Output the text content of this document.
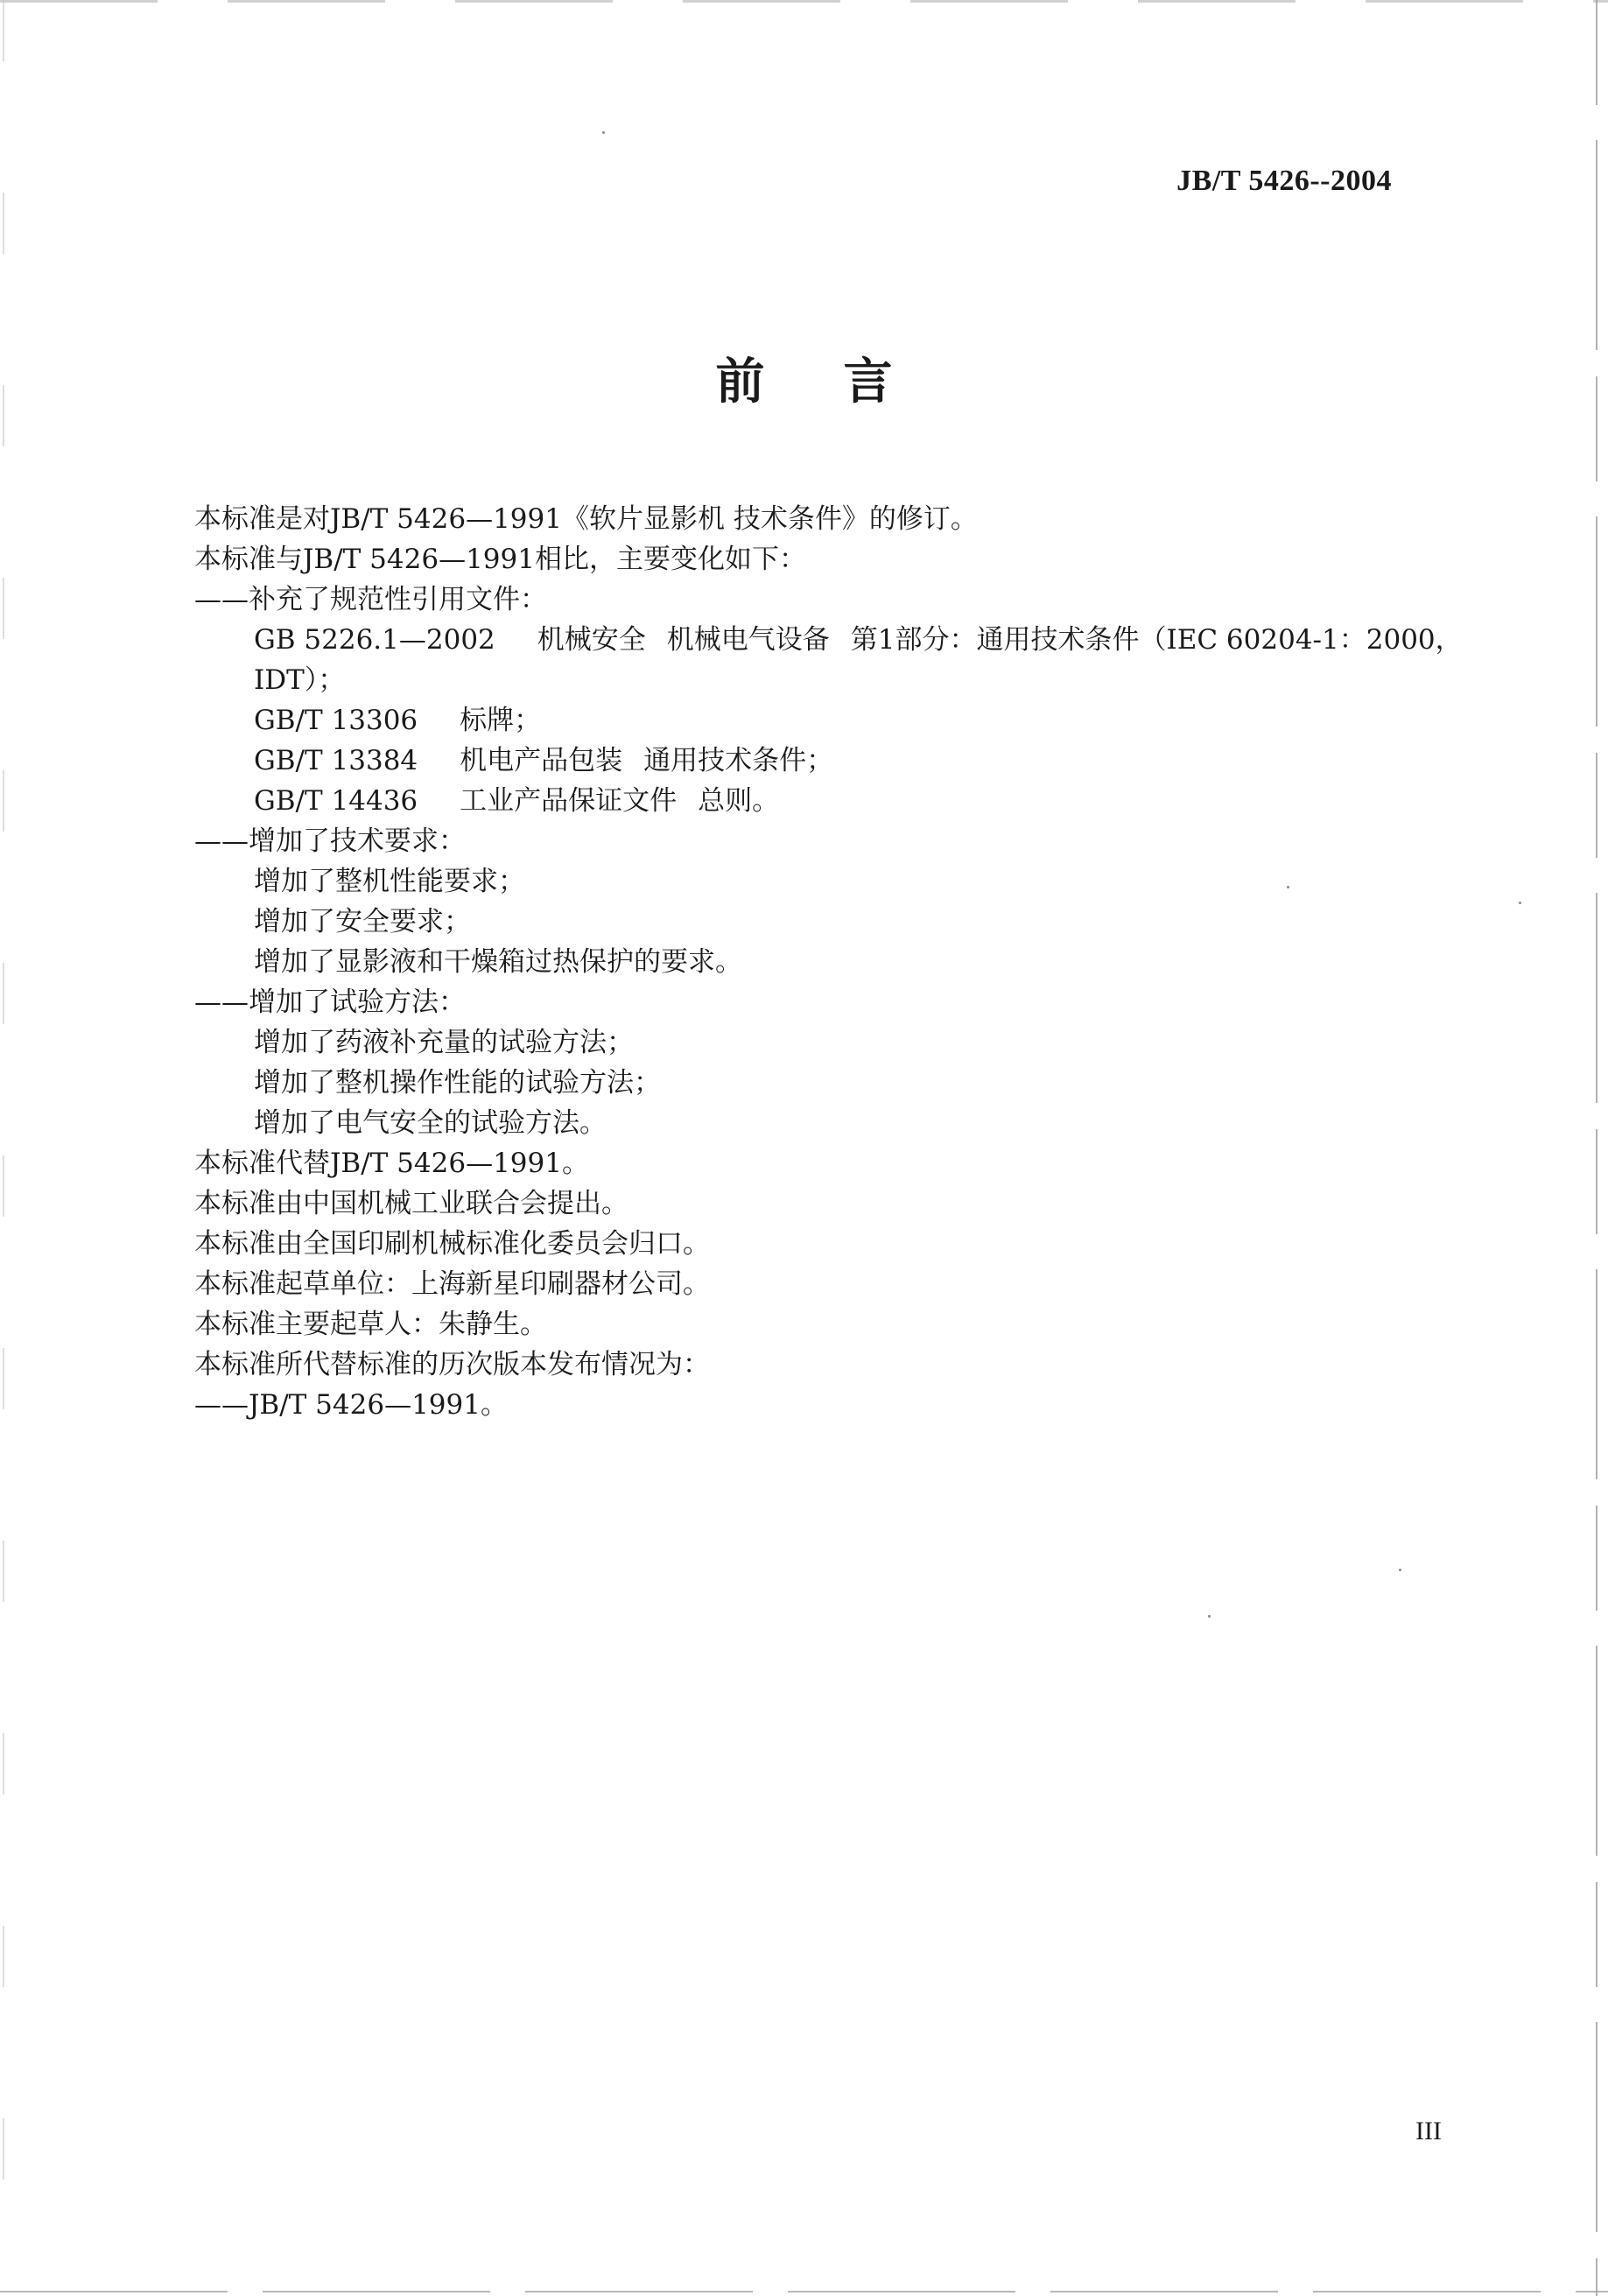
JB/T 5426--2004
前言
本标准是对JB/T 5426—1991《软片显影机 技术条件》的修订。
本标准与JB/T 5426—1991相比，主要变化如下：
——补充了规范性引用文件：
GB 5226.1—2002 机械安全 机械电气设备 第1部分：通用技术条件（IEC 60204-1：2000，
IDT）；
GB/T 13306 标牌；
GB/T 13384 机电产品包装 通用技术条件；
GB/T 14436 工业产品保证文件 总则。
——增加了技术要求：
增加了整机性能要求；
增加了安全要求；
增加了显影液和干燥箱过热保护的要求。
——增加了试验方法：
增加了药液补充量的试验方法；
增加了整机操作性能的试验方法；
增加了电气安全的试验方法。
本标准代替JB/T 5426—1991。
本标准由中国机械工业联合会提出。
本标准由全国印刷机械标准化委员会归口。
本标准起草单位：上海新星印刷器材公司。
本标准主要起草人：朱静生。
本标准所代替标准的历次版本发布情况为：
——JB/T 5426—1991。
III
